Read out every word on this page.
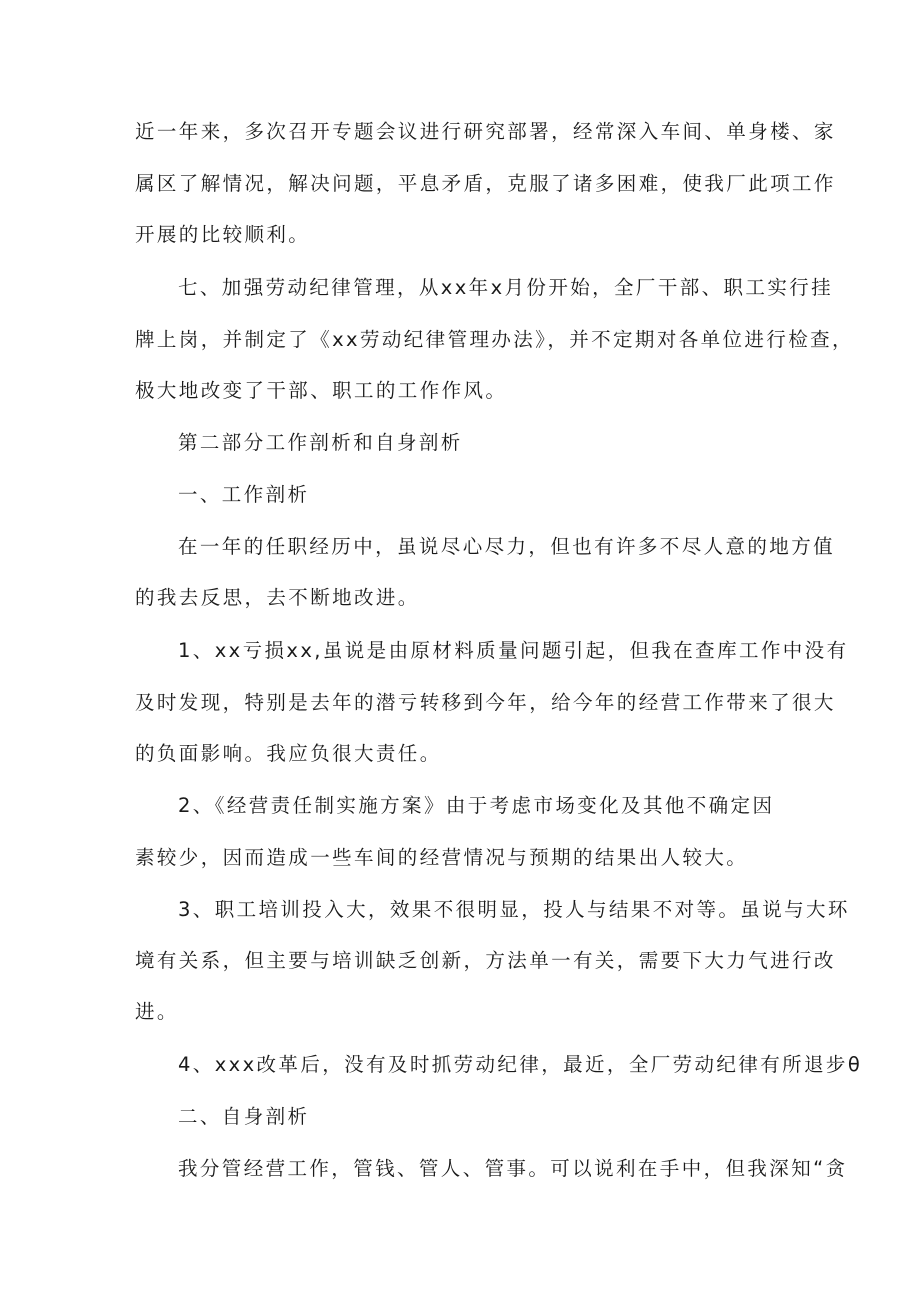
近一年来，多次召开专题会议进行研究部署，经常深入车间、单身楼、家
属区了解情况，解决问题，平息矛盾，克服了诸多困难，使我厂此项工作
开展的比较顺利。
七、加强劳动纪律管理，从xx年x月份开始，全厂干部、职工实行挂
牌上岗，并制定了《xx劳动纪律管理办法》，并不定期对各单位进行检查，
极大地改变了干部、职工的工作作风。
第二部分工作剖析和自身剖析
一、工作剖析
在一年的任职经历中，虽说尽心尽力，但也有许多不尽人意的地方值
的我去反思，去不断地改进。
1、xx亏损xx,虽说是由原材料质量问题引起，但我在查库工作中没有
及时发现，特别是去年的潜亏转移到今年，给今年的经营工作带来了很大
的负面影响。我应负很大责任。
2、《经营责任制实施方案》由于考虑市场变化及其他不确定因
素较少，因而造成一些车间的经营情况与预期的结果出人较大。
3、职工培训投入大，效果不很明显，投人与结果不对等。虽说与大环
境有关系，但主要与培训缺乏创新，方法单一有关，需要下大力气进行改
进。
4、xxx改革后，没有及时抓劳动纪律，最近，全厂劳动纪律有所退步θ
二、自身剖析
我分管经营工作，管钱、管人、管事。可以说利在手中，但我深知“贪
